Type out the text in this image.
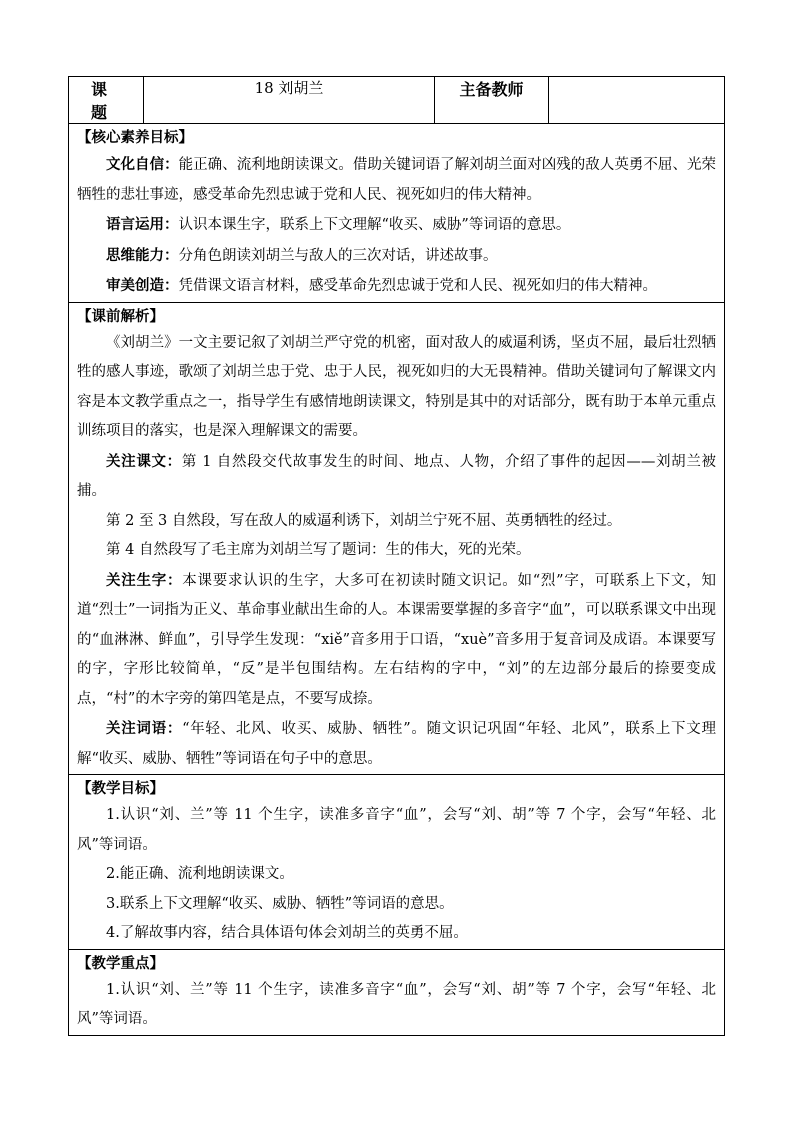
课 题	18 刘胡兰	主备教师	

【核心素养目标】

文化自信：能正确、流利地朗读课文。借助关键词语了解刘胡兰面对凶残的敌人英勇不屈、光荣牺牲的悲壮事迹，感受革命先烈忠诚于党和人民、视死如归的伟大精神。

语言运用：认识本课生字，联系上下文理解“收买、威胁”等词语的意思。

思维能力：分角色朗读刘胡兰与敌人的三次对话，讲述故事。

审美创造：凭借课文语言材料，感受革命先烈忠诚于党和人民、视死如归的伟大精神。

【课前解析】

《刘胡兰》一文主要记叙了刘胡兰严守党的机密，面对敌人的威逼利诱，坚贞不屈，最后壮烈牺牲的感人事迹，歌颂了刘胡兰忠于党、忠于人民，视死如归的大无畏精神。借助关键词句了解课文内容是本文教学重点之一，指导学生有感情地朗读课文，特别是其中的对话部分，既有助于本单元重点训练项目的落实，也是深入理解课文的需要。

关注课文：第 1 自然段交代故事发生的时间、地点、人物，介绍了事件的起因——刘胡兰被捕。

第 2 至 3 自然段，写在敌人的威逼利诱下，刘胡兰宁死不屈、英勇牺牲的经过。

第 4 自然段写了毛主席为刘胡兰写了题词：生的伟大，死的光荣。

关注生字：本课要求认识的生字，大多可在初读时随文识记。如“烈”字，可联系上下文，知道“烈士”一词指为正义、革命事业献出生命的人。本课需要掌握的多音字“血”，可以联系课文中出现的“血淋淋、鲜血”，引导学生发现：“xiě”音多用于口语，“xuè”音多用于复音词及成语。本课要写的字，字形比较简单，“反”是半包围结构。左右结构的字中，“刘”的左边部分最后的捺要变成点，“村”的木字旁的第四笔是点，不要写成捺。

关注词语：“年轻、北风、收买、威胁、牺牲”。随文识记巩固“年轻、北风”，联系上下文理解“收买、威胁、牺牲”等词语在句子中的意思。

【教学目标】

1.认识“刘、兰”等 11 个生字，读准多音字“血”，会写“刘、胡”等 7 个字，会写“年轻、北风”等词语。

2.能正确、流利地朗读课文。

3.联系上下文理解“收买、威胁、牺牲”等词语的意思。

4.了解故事内容，结合具体语句体会刘胡兰的英勇不屈。

【教学重点】

1.认识“刘、兰”等 11 个生字，读准多音字“血”，会写“刘、胡”等 7 个字，会写“年轻、北风”等词语。
